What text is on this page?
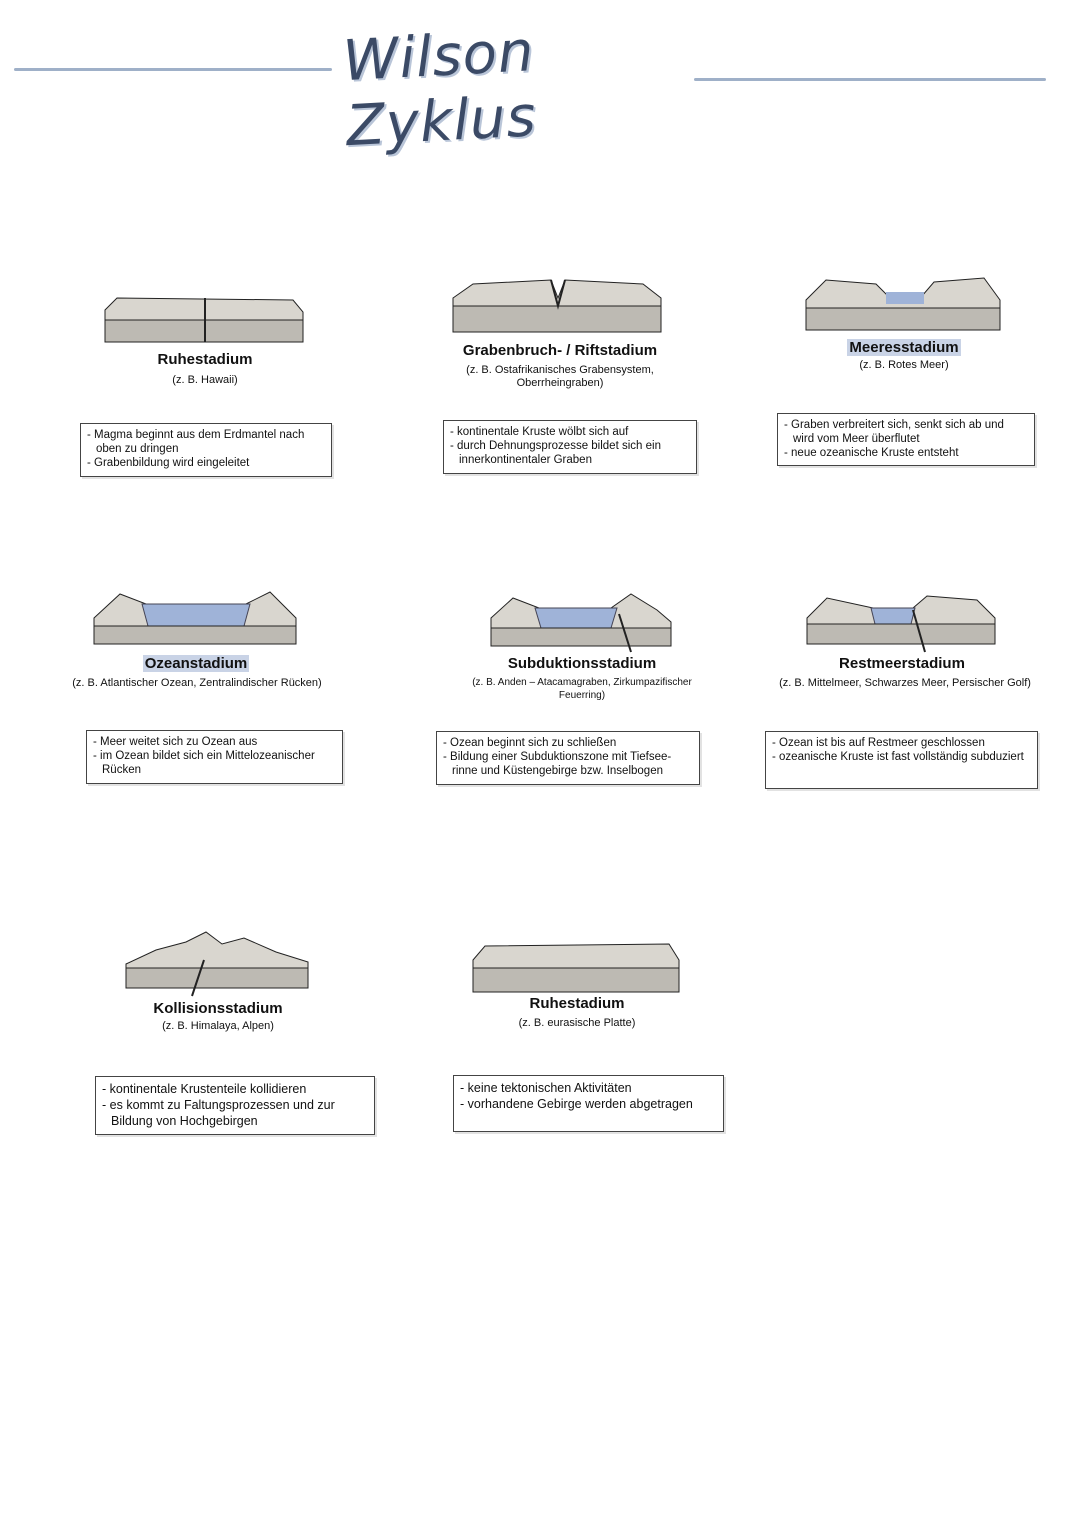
Wilson Zyklus
Ruhestadium
(z. B. Hawaii)
- Magma beginnt aus dem Erdmantel nach oben zu dringen
- Grabenbildung wird eingeleitet
Grabenbruch- / Riftstadium
(z. B. Ostafrikanisches Grabensystem, Oberrheingraben)
- kontinentale Kruste wölbt sich auf
- durch Dehnungsprozesse bildet sich ein innerkontinentaler Graben
Meeresstadium
(z. B. Rotes Meer)
- Graben verbreitert sich, senkt sich ab und wird vom Meer überflutet
- neue ozeanische Kruste entsteht
Ozeanstadium
(z. B. Atlantischer Ozean, Zentralindischer Rücken)
- Meer weitet sich zu Ozean aus
- im Ozean bildet sich ein Mittelozeanischer Rücken
Subduktionsstadium
(z. B. Anden – Atacamagraben, Zirkumpazifischer Feuerring)
- Ozean beginnt sich zu schließen
- Bildung einer Subduktionszone mit Tiefsee-rinne und Küstengebirge bzw. Inselbogen
Restmeerstadium
(z. B. Mittelmeer, Schwarzes Meer, Persischer Golf)
- Ozean ist bis auf Restmeer geschlossen
- ozeanische Kruste ist fast vollständig subduziert
Kollisionsstadium
(z. B. Himalaya, Alpen)
- kontinentale Krustenteile kollidieren
- es kommt zu Faltungsprozessen und zur Bildung von Hochgebirgen
Ruhestadium
(z. B. eurasische Platte)
- keine tektonischen Aktivitäten
- vorhandene Gebirge werden abgetragen
